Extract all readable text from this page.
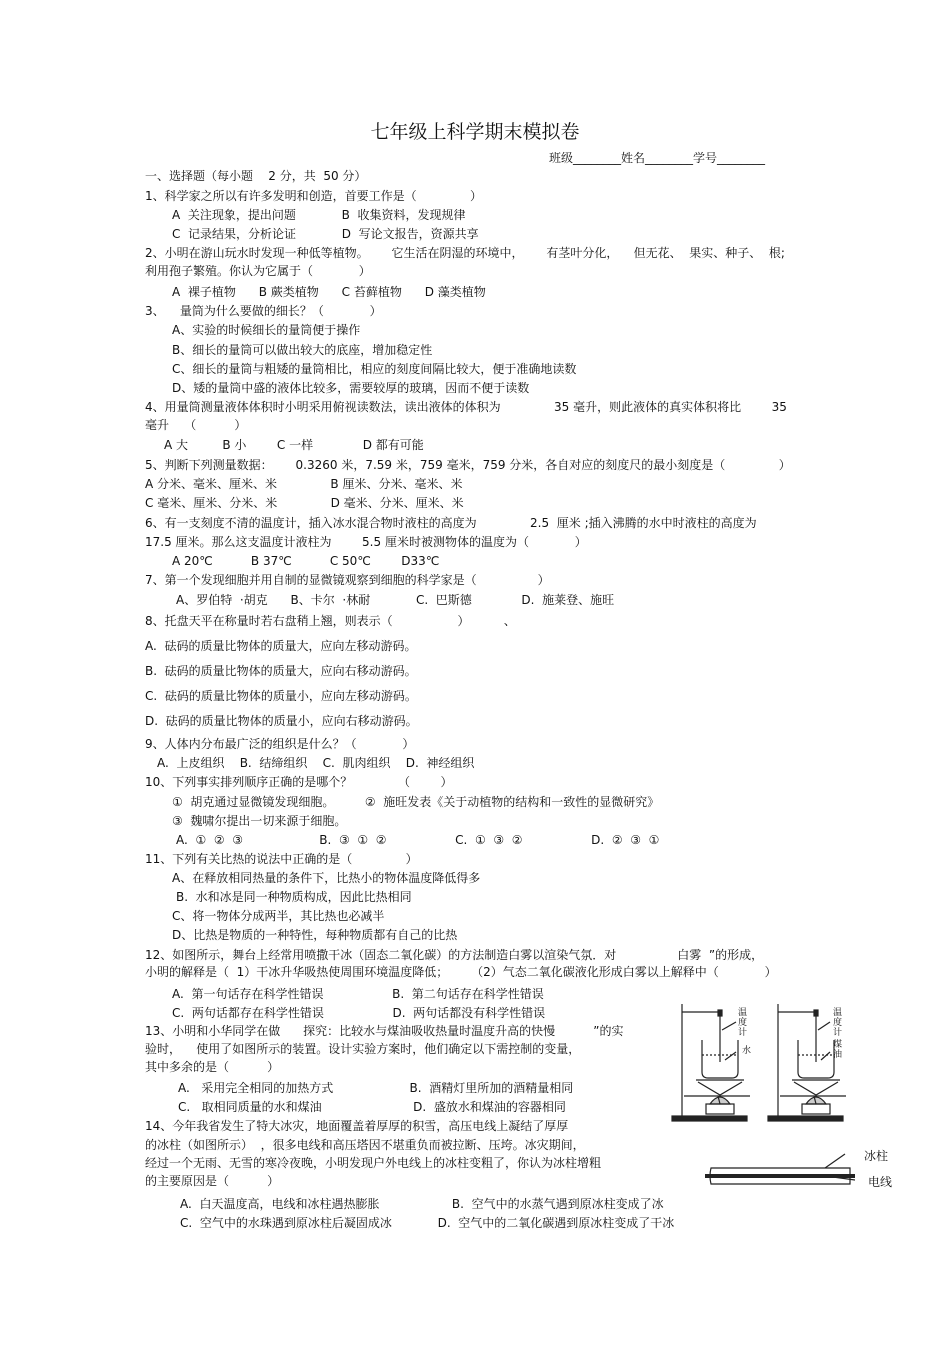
七年级上科学期末模拟卷
班级________姓名________学号________
一、选择题（每小题    2 分，共  50 分）
1、科学家之所以有许多发明和创造，首要工作是（              ）
A  关注现象，提出问题            B  收集资料，发现规律
C  记录结果，分析论证            D  写论文报告，资源共享
2、小明在游山玩水时发现一种低等植物。      它生活在阴湿的环境中，      有茎叶分化，    但无花、  果实、种子、  根;
利用孢子繁殖。你认为它属于（            ）
A  裸子植物      B 蕨类植物      C 苔藓植物      D 藻类植物
3、    量筒为什么要做的细长？（            ）
A、实验的时候细长的量筒便于操作
B、细长的量筒可以做出较大的底座，增加稳定性
C、细长的量筒与粗矮的量筒相比，相应的刻度间隔比较大，便于准确地读数
D、矮的量筒中盛的液体比较多，需要较厚的玻璃，因而不便于读数
4、用量筒测量液体体积时小明采用俯视读数法，读出液体的体积为              35 毫升，则此液体的真实体积将比        35
毫升    （          ）
A 大         B 小        C 一样             D 都有可能
5、判断下列测量数据：      0.3260 米，7.59 米，759 毫米，759 分米，各自对应的刻度尺的最小刻度是（              ）
A 分米、毫米、厘米、米              B 厘米、分米、毫米、米
C 毫米、厘米、分米、米              D 毫米、分米、厘米、米
6、有一支刻度不清的温度计，插入冰水混合物时液柱的高度为              2.5  厘米 ;插入沸腾的水中时液柱的高度为
17.5 厘米。那么这支温度计液柱为        5.5 厘米时被测物体的温度为（            ）
A 20℃          B 37℃          C 50℃        D33℃
7、第一个发现细胞并用自制的显微镜观察到细胞的科学家是（                ）
A、罗伯特  ·胡克      B、卡尔  ·林耐            C.  巴斯德             D.  施莱登、施旺
8、托盘天平在称量时若右盘稍上翘，则表示（                 ）         、
A.  砝码的质量比物体的质量大，应向左移动游码。
B.  砝码的质量比物体的质量大，应向右移动游码。
C.  砝码的质量比物体的质量小，应向左移动游码。
D.  砝码的质量比物体的质量小，应向右移动游码。
9、人体内分布最广泛的组织是什么？（            ）
A.  上皮组织    B.  结缔组织    C.  肌肉组织    D.  神经组织
10、下列事实排列顺序正确的是哪个？            （        ）
①  胡克通过显微镜发现细胞。        ②  施旺发表《关于动植物的结构和一致性的显微研究》
③  魏啸尔提出一切来源于细胞。
A.  ①  ②  ③                    B.  ③  ①  ②                  C.  ①  ③  ②                  D.  ②  ③  ①
11、下列有关比热的说法中正确的是（              ）
A、在释放相同热量的条件下，比热小的物体温度降低得多
B.  水和冰是同一种物质构成，因此比热相同
C、将一物体分成两半，其比热也必减半
D、比热是物质的一种特性，每种物质都有自己的比热
12、如图所示，舞台上经常用喷撒干冰（固态二氧化碳）的方法制造白雾以渲染气氛．对                白雾  ”的形成，
小明的解释是（  1）干冰升华吸热使周围环境温度降低；      （2）气态二氧化碳液化形成白雾以上解释中（            ）
A.  第一句话存在科学性错误                  B.  第二句话存在科学性错误
C.  两句话都存在科学性错误                  D.  两句话都没有科学性错误
13、小明和小华同学在做      探究：比较水与煤油吸收热量时温度升高的快慢          ”的实
验时，    使用了如图所示的装置。设计实验方案时，他们确定以下需控制的变量，
其中多余的是（          ）
A.   采用完全相同的加热方式                    B.  酒精灯里所加的酒精量相同
C.   取相同质量的水和煤油                        D.  盛放水和煤油的容器相同
14、今年我省发生了特大冰灾，地面覆盖着厚厚的积雪，高压电线上凝结了厚厚
的冰柱（如图所示）  ，很多电线和高压塔因不堪重负而被拉断、压垮。冰灾期间，
经过一个无雨、无雪的寒冷夜晚，小明发现户外电线上的冰柱变粗了，你认为冰柱增粗
的主要原因是（          ）
A.  白天温度高，电线和冰柱遇热膨胀                   B.  空气中的水蒸气遇到原冰柱变成了冰
C.  空气中的水珠遇到原冰柱后凝固成冰            D.  空气中的二氧化碳遇到原冰柱变成了干冰
温度计
水
温度计
煤油
冰柱
电线
